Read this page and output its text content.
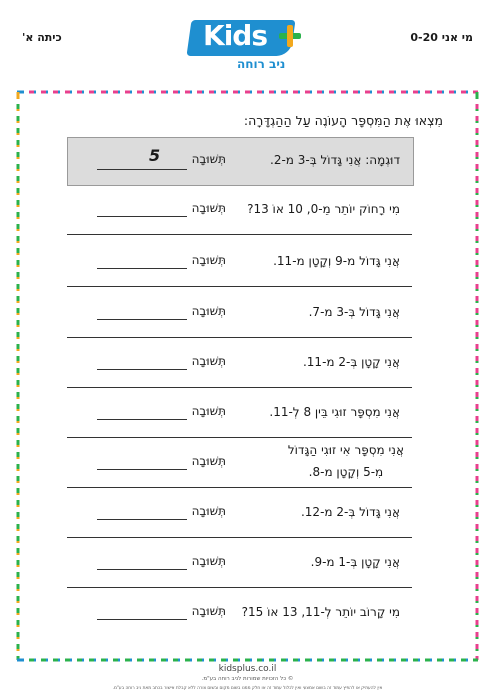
כיתה א'	מי אני 0-20
Kids
ניב רוחה
מִצְאוּ אֶת הַמִּסְפָּר הָעוֹנֶה עַל הַהַגְדָּרָה:
דוּגְמָה: אֲנִי גָּדוֹל בְּ-3 מ-2.
תְּשׁוּבָה
5
מִי רָחוֹק יוֹתֵר מֵ-0, 10 אוֹ 13?
תְּשׁוּבָה
אֲנִי גָּדוֹל מ-9 וְקָטָן מ-11.
תְּשׁוּבָה
אֲנִי גָּדוֹל בְּ-3 מ-7.
תְּשׁוּבָה
אֲנִי קָטָן בְּ-2 מ-11.
תְּשׁוּבָה
אֲנִי מִסְפָּר זוּגִי בֵּין 8 לְ-11.
תְּשׁוּבָה
אֲנִי מִסְפָּר אִי זוּגִי הַגָּדוֹל
מִ-5 וְקָטָן מ-8.
תְּשׁוּבָה
אֲנִי גָּדוֹל בְּ-2 מ-12.
תְּשׁוּבָה
אֲנִי קָטָן בְּ-1 מ-9.
תְּשׁוּבָה
מִי קָרוֹב יוֹתֵר לְ-11, 13 אוֹ 15?
תְּשׁוּבָה
kidsplus.co.il
© כל הזכויות שמורות לניב רוחה בע"מ.
אין להעתיק או להפיץ עמוד זה בשום אמצעי ואין לכלול עמוד זה או חלק ממנו בשום מקום ובשום צורה ללא קבלת אישור בכתב מאת ניב רוחה בע"מ.
